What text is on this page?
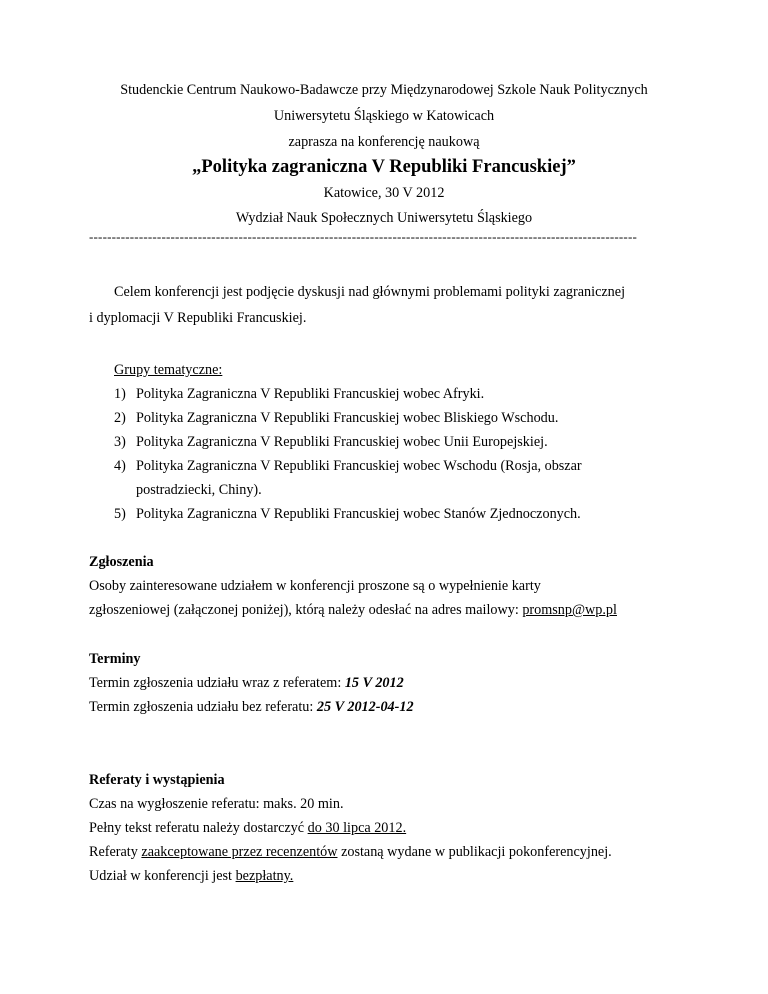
Studenckie Centrum Naukowo-Badawcze przy Międzynarodowej Szkole Nauk Politycznych
Uniwersytetu Śląskiego w Katowicach
zaprasza na konferencję naukową
„Polityka zagraniczna V Republiki Francuskiej”
Katowice, 30 V 2012
Wydział Nauk Społecznych Uniwersytetu Śląskiego
-------------------------------------------------------------------------------------------------------------------------
Celem konferencji jest podjęcie dyskusji nad głównymi problemami polityki zagranicznej
i dyplomacji V Republiki Francuskiej.
Grupy tematyczne:
1) Polityka Zagraniczna V Republiki Francuskiej wobec Afryki.
2) Polityka Zagraniczna V Republiki Francuskiej wobec Bliskiego Wschodu.
3) Polityka Zagraniczna V Republiki Francuskiej wobec Unii Europejskiej.
4) Polityka Zagraniczna V Republiki Francuskiej wobec Wschodu (Rosja, obszar
postradziecki, Chiny).
5) Polityka Zagraniczna V Republiki Francuskiej wobec Stanów Zjednoczonych.
Zgłoszenia
Osoby zainteresowane udziałem w konferencji proszone są o wypełnienie karty
zgłoszeniowej (załączonej poniżej), którą należy odesłać na adres mailowy: promsnp@wp.pl
Terminy
Termin zgłoszenia udziału wraz z referatem: 15 V 2012
Termin zgłoszenia udziału bez referatu: 25 V 2012-04-12
Referaty i wystąpienia
Czas na wygłoszenie referatu: maks. 20 min.
Pełny tekst referatu należy dostarczyć do 30 lipca 2012.
Referaty zaakceptowane przez recenzentów zostaną wydane w publikacji pokonferencyjnej.
Udział w konferencji jest bezpłatny.
